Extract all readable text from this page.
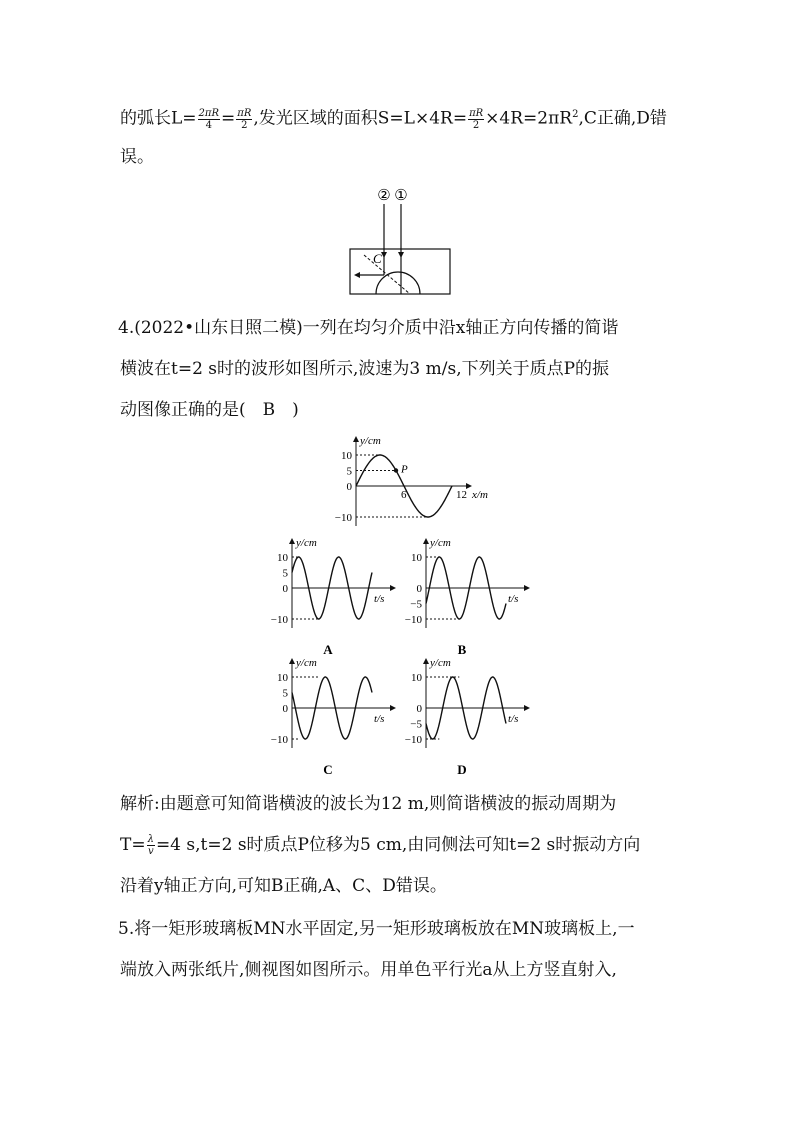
的弧长$L= \frac{2\pi R}{4} = \frac{\pi R}{2}$ ,发光区域的面积$S=L\times 4R= \frac{\pi R}{2} \times 4R=2\pi R^2,C$正确,D错
误。
② ①
C
4.(2022•山东日照二模)一列在均匀介质中沿x轴正方向传播的简谐
横波在t=2 s时的波形如图所示,波速为3 m/s,下列关于质点P的振
动图像正确的是(　B　)
y/cm
12 x/m
6
10
5
0
−10
P
y/cm
t/s
10
5
0
−10
A
y/cm
t/s
10
0
−5
−10
B
y/cm
t/s
10
5
0
−10
C
y/cm
t/s
10
0
−5
−10
D
解析:由题意可知简谐横波的波长为12 m,则简谐横波的振动周期为
$T= \frac{\lambda}{v} =4$ s,t=2 s时质点P位移为5 cm,由同侧法可知t=2 s时振动方向
沿着y轴正方向,可知B正确,A、C、D错误。
5.将一矩形玻璃板MN水平固定,另一矩形玻璃板放在MN玻璃板上,一
端放入两张纸片,侧视图如图所示。用单色平行光a从上方竖直射入,
